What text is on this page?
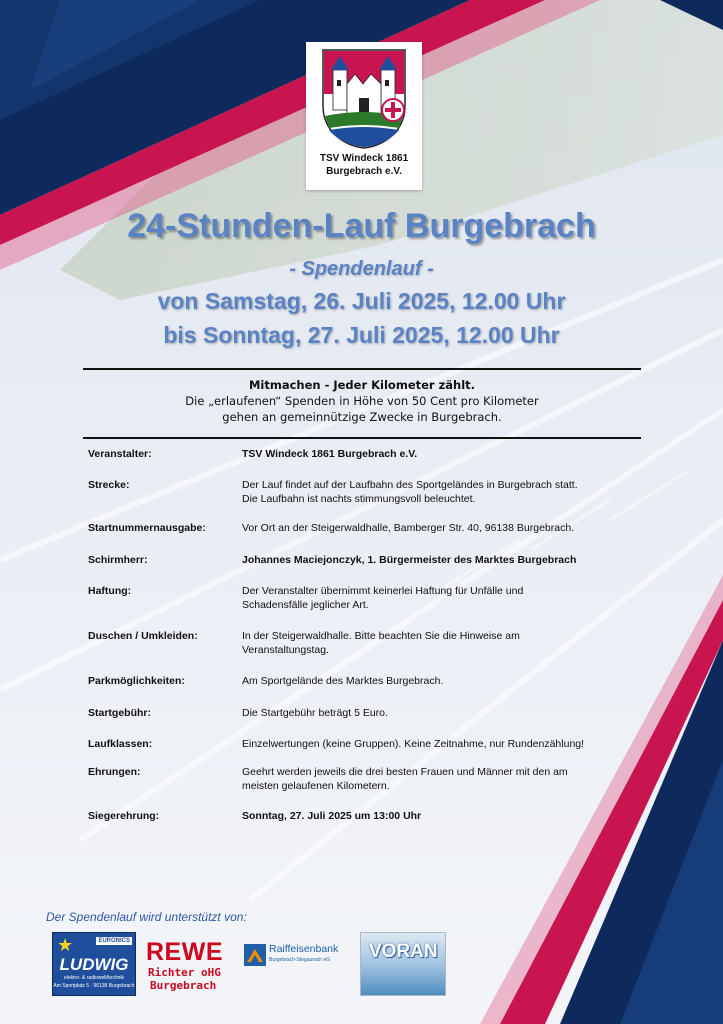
TSV Windeck 1861
Burgebrach e.V.
24-Stunden-Lauf Burgebrach
- Spendenlauf -
von Samstag, 26. Juli 2025, 12.00 Uhr
bis Sonntag, 27. Juli 2025, 12.00 Uhr
Mitmachen - Jeder Kilometer zählt.
Die „erlaufenen“ Spenden in Höhe von 50 Cent pro Kilometer
gehen an gemeinnützige Zwecke in Burgebrach.
Veranstalter:	TSV Windeck 1861 Burgebrach e.V.
Strecke:	Der Lauf findet auf der Laufbahn des Sportgeländes in Burgebrach statt.
Die Laufbahn ist nachts stimmungsvoll beleuchtet.
Startnummernausgabe:	Vor Ort an der Steigerwaldhalle, Bamberger Str. 40, 96138 Burgebrach.
Schirmherr:	Johannes Maciejonczyk, 1. Bürgermeister des Marktes Burgebrach
Haftung:	Der Veranstalter übernimmt keinerlei Haftung für Unfälle und
Schadensfälle jeglicher Art.
Duschen / Umkleiden:	In der Steigerwaldhalle. Bitte beachten Sie die Hinweise am
Veranstaltungstag.
Parkmöglichkeiten:	Am Sportgelände des Marktes Burgebrach.
Startgebühr:	Die Startgebühr beträgt 5 Euro.
Laufklassen:	Einzelwertungen (keine Gruppen). Keine Zeitnahme, nur Rundenzählung!
Ehrungen:	Geehrt werden jeweils die drei besten Frauen und Männer mit den am
meisten gelaufenen Kilometern.
Siegerehrung:	Sonntag, 27. Juli 2025 um 13:00 Uhr
Der Spendenlauf wird unterstützt von:
★	EURONICS
LUDWIG
elektro- & radiowelt/technik
Am Sportplatz 5 · 96138 Burgebrach
REWE
Richter oHG
Burgebrach
Raiffeisenbank
Burgebrach-Stegaurach eG VORAN
